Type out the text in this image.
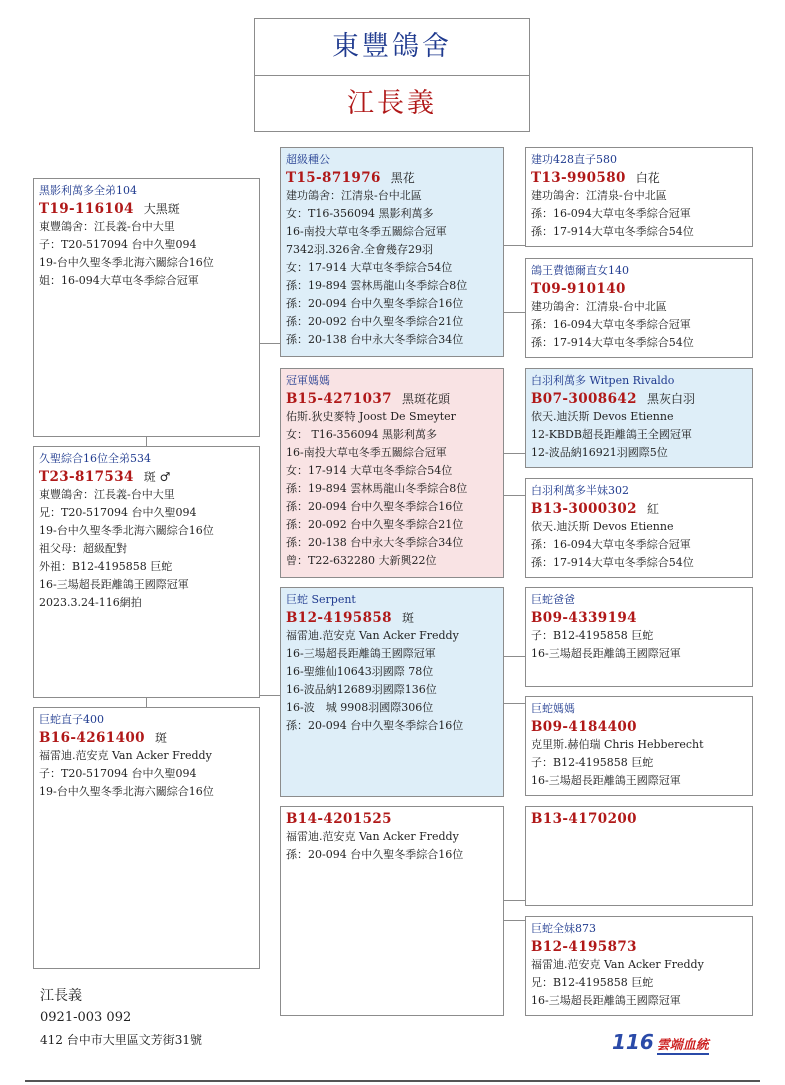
東豐鴿舍
江長義
黑影利萬多全弟104
T19-116104 大黑斑
東豐鴿舍：江長義-台中大里
子：T20-517094 台中久聖094
19-台中久聖冬季北海六關綜合16位
姐：16-094大草屯冬季綜合冠軍
久聖綜合16位全弟534
T23-817534 斑 ♂
東豐鴿舍：江長義-台中大里
兄：T20-517094 台中久聖094
19-台中久聖冬季北海六關綜合16位
祖父母：超級配對
外祖：B12-4195858 巨蛇
16-三場超長距離鴿王國際冠軍
2023.3.24-116網拍
巨蛇直子400
B16-4261400 斑
福雷迪.范安克 Van Acker Freddy
子：T20-517094 台中久聖094
19-台中久聖冬季北海六關綜合16位
超級種公
T15-871976 黑花
建功鴿舍：江清泉-台中北區
女：T16-356094 黑影利萬多
16-南投大草屯冬季五關綜合冠軍
7342羽.326舍.全會幾存29羽
女：17-914 大草屯冬季綜合54位
孫：19-894 雲林馬龍山冬季綜合8位
孫：20-094 台中久聖冬季綜合16位
孫：20-092 台中久聖冬季綜合21位
孫：20-138 台中永大冬季綜合34位
冠軍媽媽
B15-4271037 黑斑花頭
佑斯.狄史麥特 Joost De Smeyter
女： T16-356094 黑影利萬多
16-南投大草屯冬季五關綜合冠軍
女：17-914 大草屯冬季綜合54位
孫：19-894 雲林馬龍山冬季綜合8位
孫：20-094 台中久聖冬季綜合16位
孫：20-092 台中久聖冬季綜合21位
孫：20-138 台中永大冬季綜合34位
曾：T22-632280 大新興22位
巨蛇 Serpent
B12-4195858 斑
福雷迪.范安克 Van Acker Freddy
16-三場超長距離鴿王國際冠軍
16-聖維仙10643羽國際 78位
16-波品納12689羽國際136位
16-波　城 9908羽國際306位
孫：20-094 台中久聖冬季綜合16位
B14-4201525
福雷迪.范安克 Van Acker Freddy
孫：20-094 台中久聖冬季綜合16位
建功428直子580
T13-990580 白花
建功鴿舍：江清泉-台中北區
孫：16-094大草屯冬季綜合冠軍
孫：17-914大草屯冬季綜合54位
鴿王費德爾直女140
T09-910140
建功鴿舍：江清泉-台中北區
孫：16-094大草屯冬季綜合冠軍
孫：17-914大草屯冬季綜合54位
白羽利萬多 Witpen Rivaldo
B07-3008642 黑灰白羽
依天.迪沃斯 Devos Etienne
12-KBDB超長距離鴿王全國冠軍
12-波品納16921羽國際5位
白羽利萬多半妹302
B13-3000302 紅
依天.迪沃斯 Devos Etienne
孫：16-094大草屯冬季綜合冠軍
孫：17-914大草屯冬季綜合54位
巨蛇爸爸
B09-4339194
子：B12-4195858 巨蛇
16-三場超長距離鴿王國際冠軍
巨蛇媽媽
B09-4184400
克里斯.赫伯瑞 Chris Hebberecht
子：B12-4195858 巨蛇
16-三場超長距離鴿王國際冠軍
B13-4170200
巨蛇全妹873
B12-4195873
福雷迪.范安克 Van Acker Freddy
兄：B12-4195858 巨蛇
16-三場超長距離鴿王國際冠軍
江長義
0921-003 092
412 台中市大里區文芳街31號	116 雲端血統
